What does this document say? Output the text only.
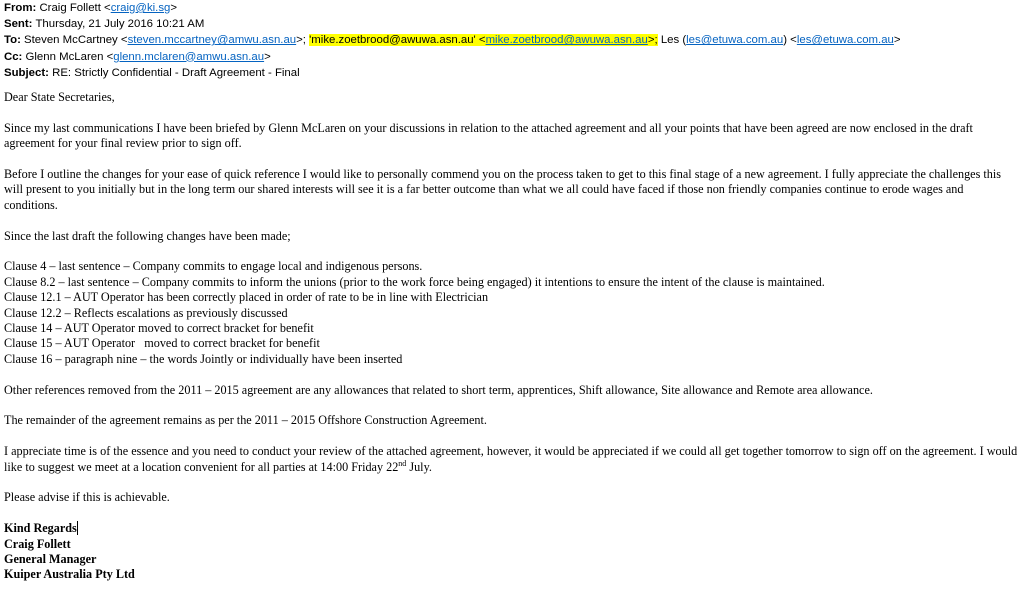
From: Craig Follett <craig@ki.sg>
Sent: Thursday, 21 July 2016 10:21 AM
To: Steven McCartney <steven.mccartney@amwu.asn.au>; 'mike.zoetbrood@awuwa.asn.au' <mike.zoetbrood@awuwa.asn.au>; Les (les@etuwa.com.au) <les@etuwa.com.au>
Cc: Glenn McLaren <glenn.mclaren@amwu.asn.au>
Subject: RE: Strictly Confidential - Draft Agreement - Final

Dear State Secretaries,

Since my last communications I have been briefed by Glenn McLaren on your discussions in relation to the attached agreement and all your points that have been agreed are now enclosed in the draft agreement for your final review prior to sign off.

Before I outline the changes for your ease of quick reference I would like to personally commend you on the process taken to get to this final stage of a new agreement. I fully appreciate the challenges this will present to you initially but in the long term our shared interests will see it is a far better outcome than what we all could have faced if those non friendly companies continue to erode wages and conditions.

Since the last draft the following changes have been made;

Clause 4 – last sentence – Company commits to engage local and indigenous persons.
Clause 8.2 – last sentence – Company commits to inform the unions (prior to the work force being engaged) it intentions to ensure the intent of the clause is maintained.
Clause 12.1 – AUT Operator has been correctly placed in order of rate to be in line with Electrician
Clause 12.2 – Reflects escalations as previously discussed
Clause 14 – AUT Operator moved to correct bracket for benefit
Clause 15 – AUT Operator   moved to correct bracket for benefit
Clause 16 – paragraph nine – the words Jointly or individually have been inserted

Other references removed from the 2011 – 2015 agreement are any allowances that related to short term, apprentices, Shift allowance, Site allowance and Remote area allowance.

The remainder of the agreement remains as per the 2011 – 2015 Offshore Construction Agreement.

I appreciate time is of the essence and you need to conduct your review of the attached agreement, however, it would be appreciated if we could all get together tomorrow to sign off on the agreement. I would like to suggest we meet at a location convenient for all parties at 14:00 Friday 22nd July.

Please advise if this is achievable.

Kind Regards
Craig Follett
General Manager
Kuiper Australia Pty Ltd
